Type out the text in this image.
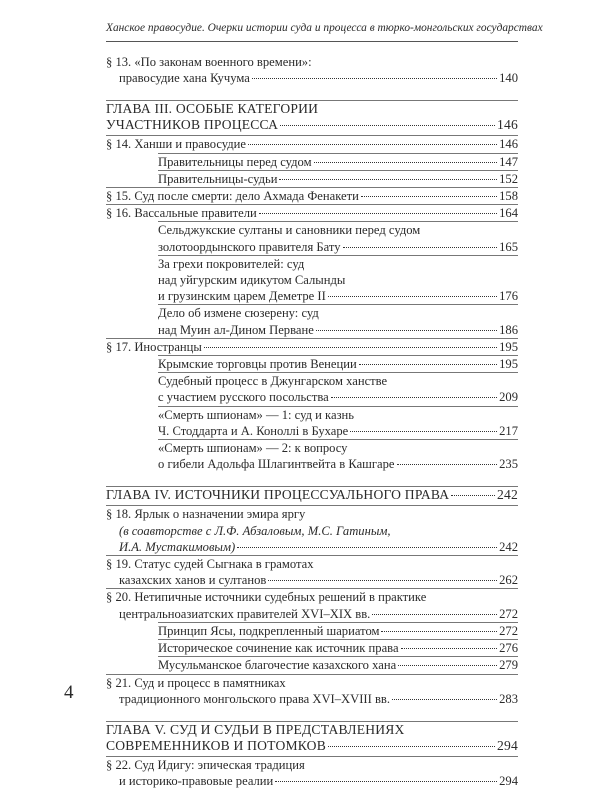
Ханское правосудие. Очерки истории суда и процесса в тюрко-монгольских государствах
§ 13. «По законам военного времени»:
правосудие хана Кучума	140
ГЛАВА III. ОСОБЫЕ КАТЕГОРИИ
УЧАСТНИКОВ ПРОЦЕССА	146
§ 14. Ханши и правосудие	146
Правительницы перед судом	147
Правительницы-судьи	152
§ 15. Суд после смерти: дело Ахмада Фенакети	158
§ 16. Вассальные правители	164
Сельджукские султаны и сановники перед судом
золотоордынского правителя Бату	165
За грехи покровителей: суд
над уйгурским идикутом Салынды
и грузинским царем Деметре II	176
Дело об измене сюзерену: суд
над Муин ал-Дином Перване	186
§ 17. Иностранцы	195
Крымские торговцы против Венеции	195
Судебный процесс в Джунгарском ханстве
с участием русского посольства	209
«Смерть шпионам» — 1: суд и казнь
Ч. Стоддарта и А. Коноллi в Бухаре	217
«Смерть шпионам» — 2: к вопросу
о гибели Адольфа Шлагинтвейта в Кашгаре	235
ГЛАВА IV. ИСТОЧНИКИ ПРОЦЕССУАЛЬНОГО ПРАВА	242
§ 18. Ярлык о назначении эмира яргу
(в соавторстве с Л.Ф. Абзаловым, М.С. Гатиным,
И.А. Мустакимовым)	242
§ 19. Статус судей Сыгнака в грамотах
казахских ханов и султанов	262
§ 20. Нетипичные источники судебных решений в практике
центральноазиатских правителей XVI–XIX вв.	272
Принцип Ясы, подкрепленный шариатом	272
Историческое сочинение как источник права	276
Мусульманское благочестие казахского хана	279
§ 21. Суд и процесс в памятниках
традиционного монгольского права XVI–XVIII вв.	283
ГЛАВА V. СУД И СУДЬИ В ПРЕДСТАВЛЕНИЯХ
СОВРЕМЕННИКОВ И ПОТОМКОВ	294
§ 22. Суд Идигу: эпическая традиция
и историко-правовые реалии	294
4
